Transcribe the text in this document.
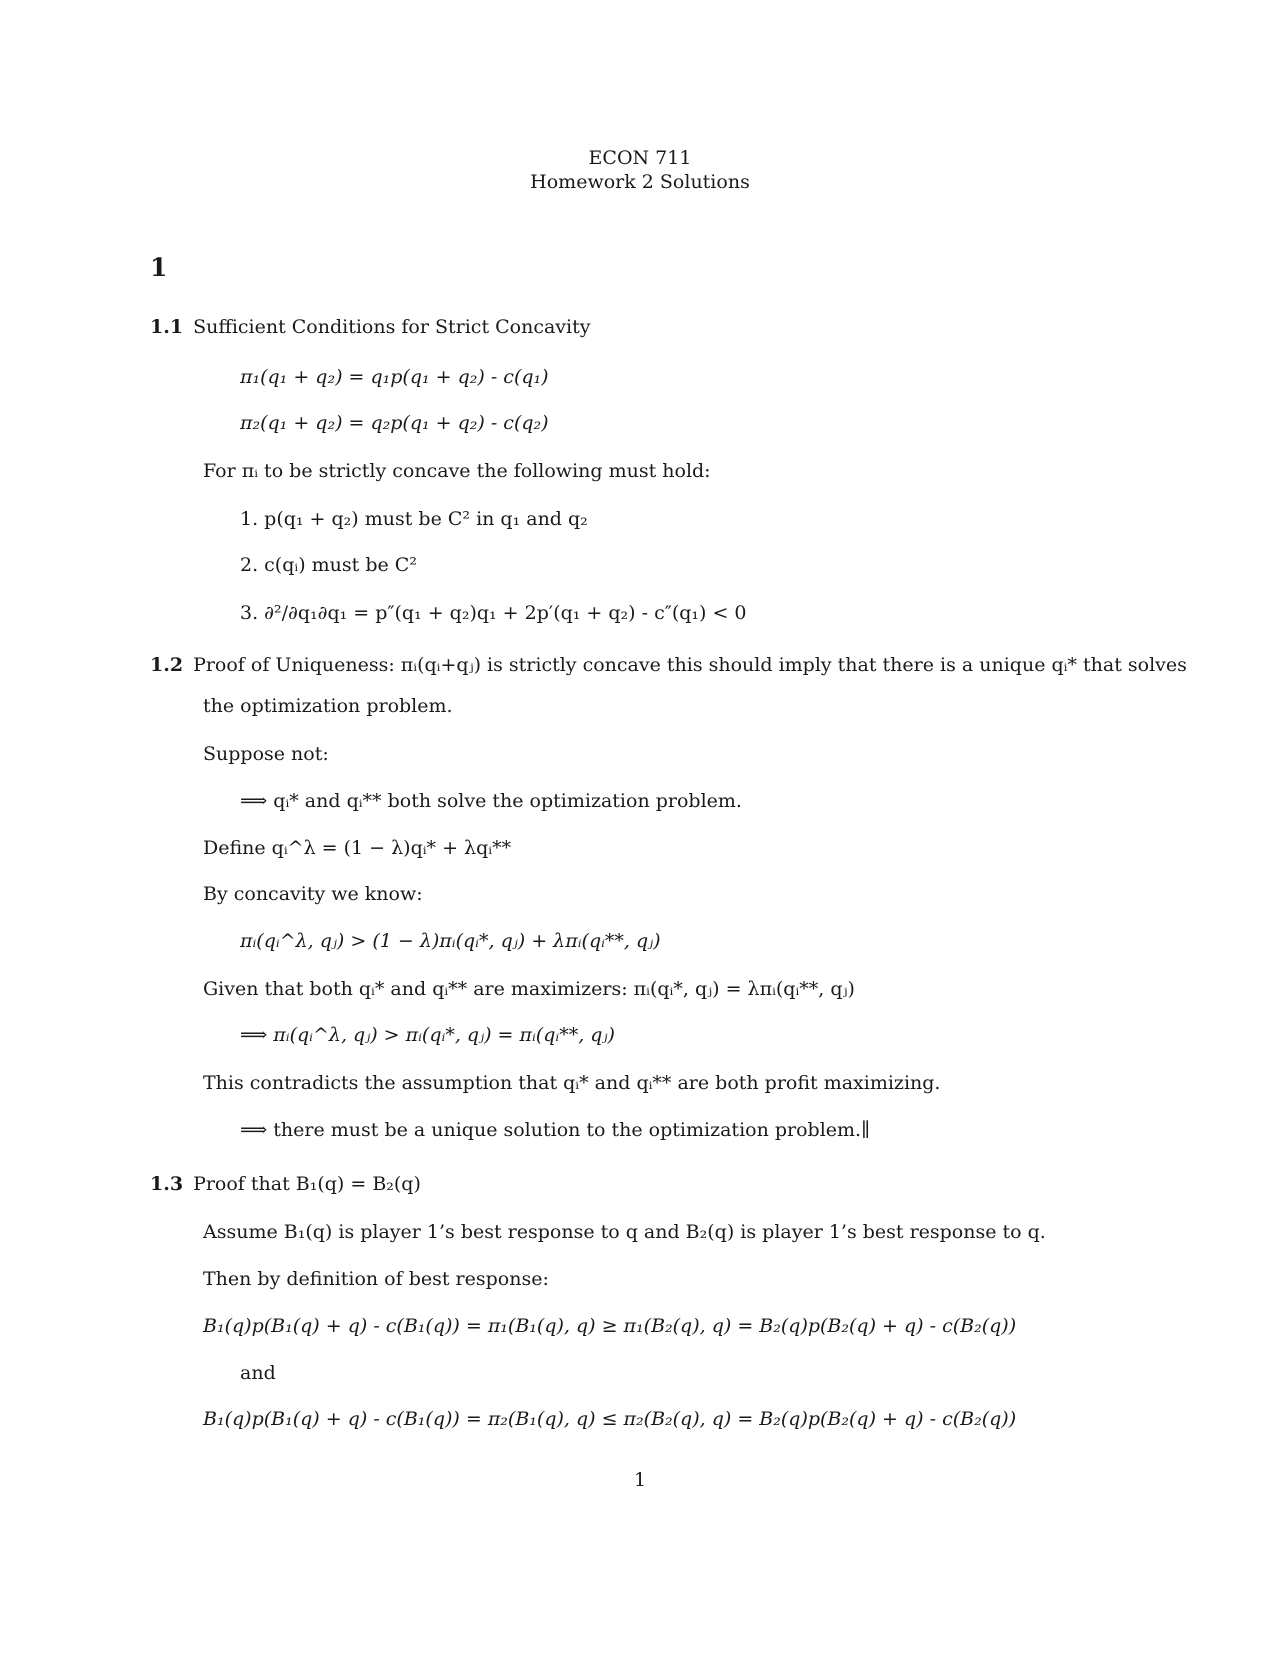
ECON 711
Homework 2 Solutions
1
1.1 Sufficient Conditions for Strict Concavity
π₁(q₁ + q₂) = q₁p(q₁ + q₂) - c(q₁)
π₂(q₁ + q₂) = q₂p(q₁ + q₂) - c(q₂)
For πᵢ to be strictly concave the following must hold:
1. p(q₁ + q₂) must be C² in q₁ and q₂
2. c(qᵢ) must be C²
3. ∂²/∂q₁∂q₁ = p″(q₁ + q₂)q₁ + 2p′(q₁ + q₂) - c″(q₁) < 0
1.2 Proof of Uniqueness: πᵢ(qᵢ+qⱼ) is strictly concave this should imply that there is a unique qᵢ* that solves
the optimization problem.
Suppose not:
⟹ qᵢ* and qᵢ** both solve the optimization problem.
Define qᵢ^λ = (1 − λ)qᵢ* + λqᵢ**
By concavity we know:
πᵢ(qᵢ^λ, qⱼ) > (1 − λ)πᵢ(qᵢ*, qⱼ) + λπᵢ(qᵢ**, qⱼ)
Given that both qᵢ* and qᵢ** are maximizers: πᵢ(qᵢ*, qⱼ) = λπᵢ(qᵢ**, qⱼ)
⟹ πᵢ(qᵢ^λ, qⱼ) > πᵢ(qᵢ*, qⱼ) = πᵢ(qᵢ**, qⱼ)
This contradicts the assumption that qᵢ* and qᵢ** are both profit maximizing.
⟹ there must be a unique solution to the optimization problem.∥
1.3 Proof that B₁(q) = B₂(q)
Assume B₁(q) is player 1’s best response to q and B₂(q) is player 1’s best response to q.
Then by definition of best response:
B₁(q)p(B₁(q) + q) - c(B₁(q)) = π₁(B₁(q), q) ≥ π₁(B₂(q), q) = B₂(q)p(B₂(q) + q) - c(B₂(q))
and
B₁(q)p(B₁(q) + q) - c(B₁(q)) = π₂(B₁(q), q) ≤ π₂(B₂(q), q) = B₂(q)p(B₂(q) + q) - c(B₂(q))
1
